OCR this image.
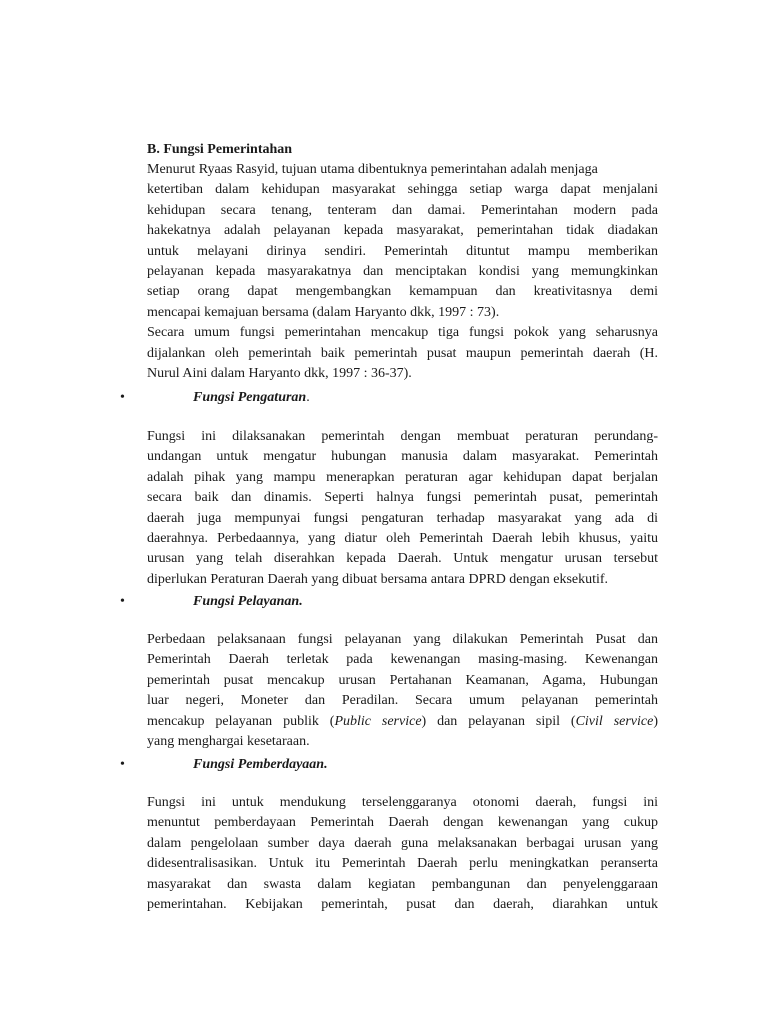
B. Fungsi Pemerintahan
Menurut Ryaas Rasyid, tujuan utama dibentuknya pemerintahan adalah menjaga
ketertiban dalam kehidupan masyarakat sehingga setiap warga dapat menjalani
kehidupan secara tenang, tenteram dan damai. Pemerintahan modern pada
hakekatnya adalah pelayanan kepada masyarakat, pemerintahan tidak diadakan
untuk melayani dirinya sendiri. Pemerintah dituntut mampu memberikan
pelayanan kepada masyarakatnya dan menciptakan kondisi yang memungkinkan
setiap orang dapat mengembangkan kemampuan dan kreativitasnya demi
mencapai kemajuan bersama (dalam Haryanto dkk, 1997 : 73).
Secara umum fungsi pemerintahan mencakup tiga fungsi pokok yang seharusnya
dijalankan oleh pemerintah baik pemerintah pusat maupun pemerintah daerah (H.
Nurul Aini dalam Haryanto dkk, 1997 : 36-37).
•	Fungsi Pengaturan.
Fungsi ini dilaksanakan pemerintah dengan membuat peraturan perundang-
undangan untuk mengatur hubungan manusia dalam masyarakat. Pemerintah
adalah pihak yang mampu menerapkan peraturan agar kehidupan dapat berjalan
secara baik dan dinamis. Seperti halnya fungsi pemerintah pusat, pemerintah
daerah juga mempunyai fungsi pengaturan terhadap masyarakat yang ada di
daerahnya. Perbedaannya, yang diatur oleh Pemerintah Daerah lebih khusus, yaitu
urusan yang telah diserahkan kepada Daerah. Untuk mengatur urusan tersebut
diperlukan Peraturan Daerah yang dibuat bersama antara DPRD dengan eksekutif.
•	Fungsi Pelayanan.
Perbedaan pelaksanaan fungsi pelayanan yang dilakukan Pemerintah Pusat dan
Pemerintah Daerah terletak pada kewenangan masing-masing. Kewenangan
pemerintah pusat mencakup urusan Pertahanan Keamanan, Agama, Hubungan
luar negeri, Moneter dan Peradilan. Secara umum pelayanan pemerintah
mencakup pelayanan publik (Public service) dan pelayanan sipil (Civil service)
yang menghargai kesetaraan.
•	Fungsi Pemberdayaan.
Fungsi ini untuk mendukung terselenggaranya otonomi daerah, fungsi ini
menuntut pemberdayaan Pemerintah Daerah dengan kewenangan yang cukup
dalam pengelolaan sumber daya daerah guna melaksanakan berbagai urusan yang
didesentralisasikan. Untuk itu Pemerintah Daerah perlu meningkatkan peranserta
masyarakat dan swasta dalam kegiatan pembangunan dan penyelenggaraan
pemerintahan. Kebijakan pemerintah, pusat dan daerah, diarahkan untuk
